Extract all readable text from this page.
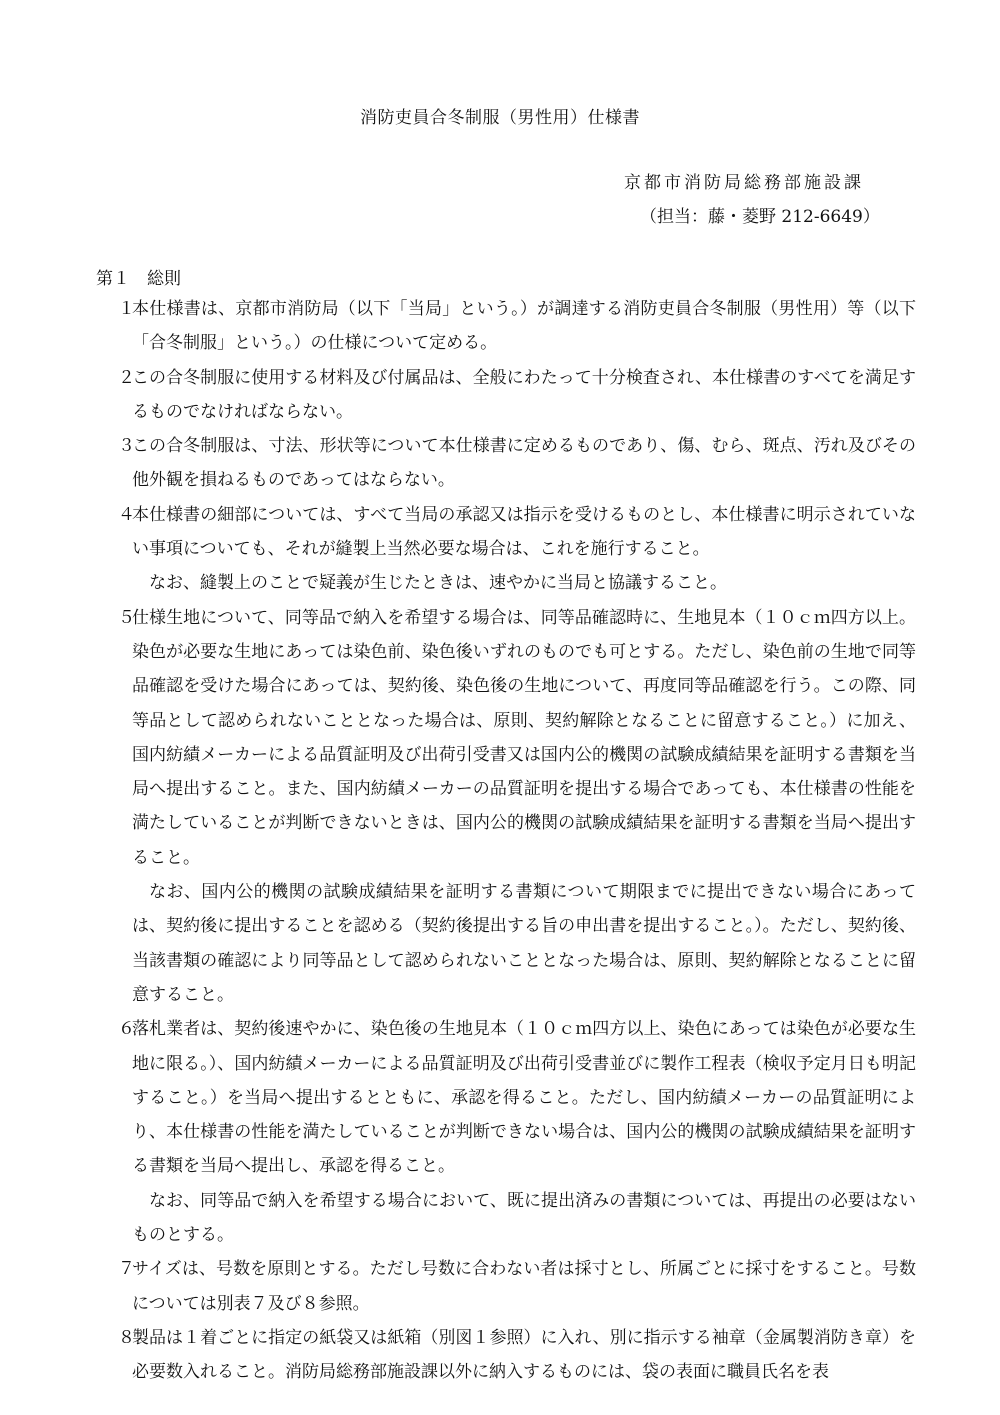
消防吏員合冬制服（男性用）仕様書
京都市消防局総務部施設課
（担当：藤・菱野 212-6649）
第１　総則
１
本仕様書は、京都市消防局（以下「当局」という。）が調達する消防吏員合冬制服（男性用）等（以下「合冬制服」という。）の仕様について定める。
２
この合冬制服に使用する材料及び付属品は、全般にわたって十分検査され、本仕様書のすべてを満足するものでなければならない。
３
この合冬制服は、寸法、形状等について本仕様書に定めるものであり、傷、むら、斑点、汚れ及びその他外観を損ねるものであってはならない。
４
本仕様書の細部については、すべて当局の承認又は指示を受けるものとし、本仕様書に明示されていない事項についても、それが縫製上当然必要な場合は、これを施行すること。
なお、縫製上のことで疑義が生じたときは、速やかに当局と協議すること。
５
仕様生地について、同等品で納入を希望する場合は、同等品確認時に、生地見本（１０ｃｍ四方以上。染色が必要な生地にあっては染色前、染色後いずれのものでも可とする。ただし、染色前の生地で同等品確認を受けた場合にあっては、契約後、染色後の生地について、再度同等品確認を行う。この際、同等品として認められないこととなった場合は、原則、契約解除となることに留意すること。）に加え、国内紡績メーカーによる品質証明及び出荷引受書又は国内公的機関の試験成績結果を証明する書類を当局へ提出すること。また、国内紡績メーカーの品質証明を提出する場合であっても、本仕様書の性能を満たしていることが判断できないときは、国内公的機関の試験成績結果を証明する書類を当局へ提出すること。
なお、国内公的機関の試験成績結果を証明する書類について期限までに提出できない場合にあっては、契約後に提出することを認める（契約後提出する旨の申出書を提出すること。）。ただし、契約後、当該書類の確認により同等品として認められないこととなった場合は、原則、契約解除となることに留意すること。
６
落札業者は、契約後速やかに、染色後の生地見本（１０ｃｍ四方以上、染色にあっては染色が必要な生地に限る。）、国内紡績メーカーによる品質証明及び出荷引受書並びに製作工程表（検収予定月日も明記すること。）を当局へ提出するとともに、承認を得ること。ただし、国内紡績メーカーの品質証明により、本仕様書の性能を満たしていることが判断できない場合は、国内公的機関の試験成績結果を証明する書類を当局へ提出し、承認を得ること。
なお、同等品で納入を希望する場合において、既に提出済みの書類については、再提出の必要はないものとする。
７
サイズは、号数を原則とする。ただし号数に合わない者は採寸とし、所属ごとに採寸をすること。号数については別表７及び８参照。
８
製品は１着ごとに指定の紙袋又は紙箱（別図１参照）に入れ、別に指示する袖章（金属製消防き章）を必要数入れること。消防局総務部施設課以外に納入するものには、袋の表面に職員氏名を表
